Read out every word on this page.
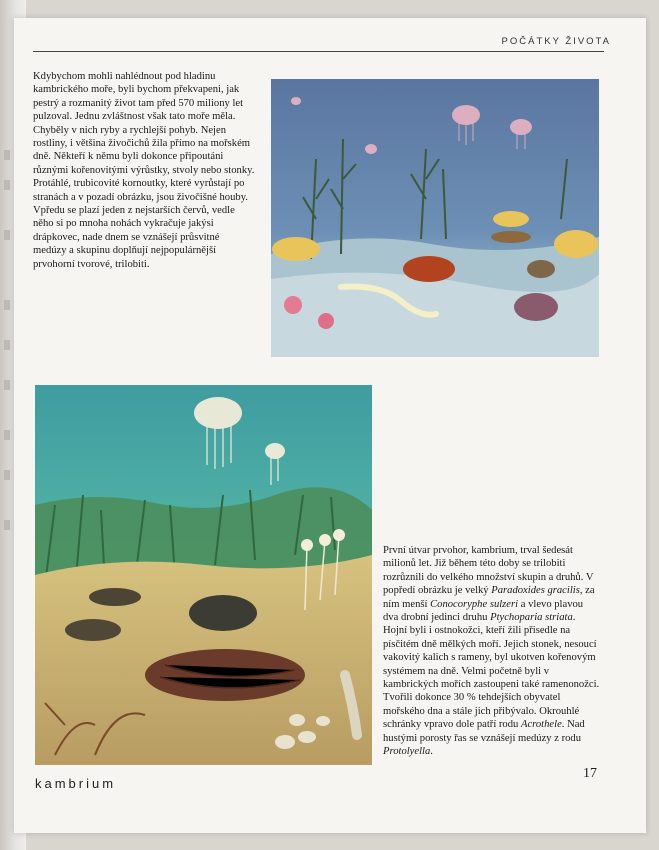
POČÁTKY ŽIVOTA

Kdybychom mohli nahlédnout pod hladinu kambrického moře, byli bychom překvapeni, jak pestrý a rozmanitý život tam před 570 miliony let pulzoval. Jednu zvláštnost však tato moře měla. Chyběly v nich ryby a rychlejší pohyb. Nejen rostliny, i většina živočichů žila přímo na mořském dně. Někteří k němu byli dokonce připoutáni různými kořenovitými výrůstky, stvoly nebo stonky. Protáhlé, trubicovité kornoutky, které vyrůstají po stranách a v pozadí obrázku, jsou živočišné houby. Vpředu se plazí jeden z nejstarších červů, vedle něho si po mnoha nohách vykračuje jakýsi drápkovec, nade dnem se vznášejí průsvitné medúzy a skupinu doplňují nejpopulárnější prvohorní tvorové, trilobiti.

První útvar prvohor, kambrium, trval šedesát milionů let. Již během této doby se trilobiti rozrůznili do velkého množství skupin a druhů. V popředí obrázku je velký Paradoxides gracilis, za ním menší Conocoryphe sulzeri a vlevo plavou dva drobní jedinci druhu Ptychoparia striata. Hojní byli i ostnokožci, kteří žili přisedle na písčitém dně mělkých moří. Jejich stonek, nesoucí vakovitý kalich s rameny, byl ukotven kořenovým systémem na dně. Velmi početně byli v kambrických mořích zastoupeni také ramenonožci. Tvořili dokonce 30 % tehdejších obyvatel mořského dna a stále jich přibývalo. Okrouhlé schránky vpravo dole patří rodu Acrothele. Nad hustými porosty řas se vznášejí medúzy z rodu Protolyella.

kambrium

17
